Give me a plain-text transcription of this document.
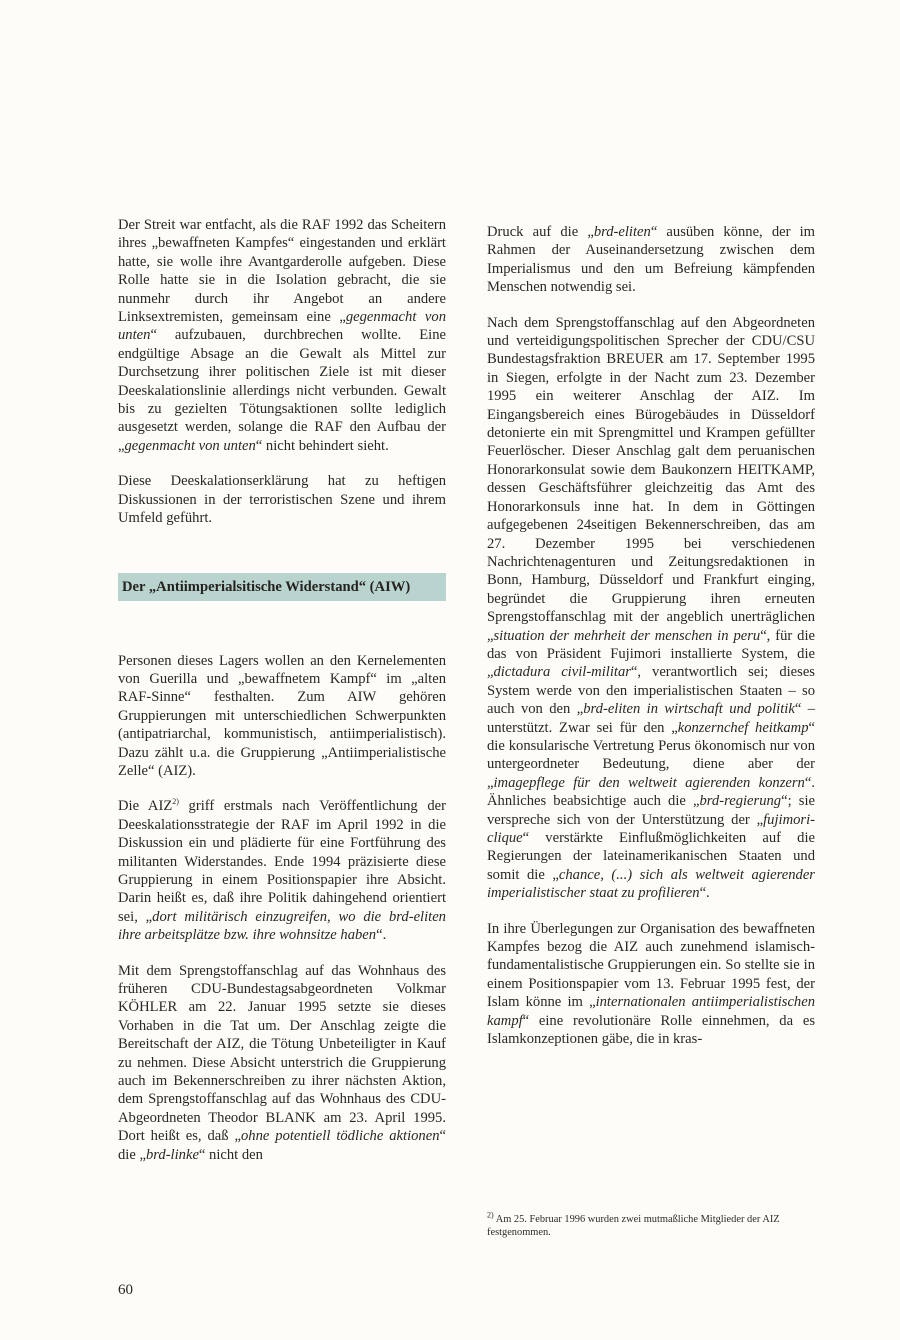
Der Streit war entfacht, als die RAF 1992 das Scheitern ihres „bewaffneten Kampfes“ eingestanden und erklärt hatte, sie wolle ihre Avantgarderolle aufgeben. Diese Rolle hatte sie in die Isolation gebracht, die sie nunmehr durch ihr Angebot an andere Linksextremisten, gemeinsam eine „gegenmacht von unten“ aufzubauen, durchbrechen wollte. Eine endgültige Absage an die Gewalt als Mittel zur Durchsetzung ihrer politischen Ziele ist mit dieser Deeskalationslinie allerdings nicht verbunden. Gewalt bis zu gezielten Tötungsaktionen sollte lediglich ausgesetzt werden, solange die RAF den Aufbau der „gegenmacht von unten“ nicht behindert sieht.

Diese Deeskalationserklärung hat zu heftigen Diskussionen in der terroristischen Szene und ihrem Umfeld geführt.

Der „Antiimperialsitische Widerstand“ (AIW)

Personen dieses Lagers wollen an den Kernelementen von Guerilla und „bewaffnetem Kampf“ im „alten RAF-Sinne“ festhalten. Zum AIW gehören Gruppierungen mit unterschiedlichen Schwerpunkten (antipatriarchal, kommunistisch, antiimperialistisch). Dazu zählt u.a. die Gruppierung „Antiimperialistische Zelle“ (AIZ).

Die AIZ$^{2)}$ griff erstmals nach Veröffentlichung der Deeskalationsstrategie der RAF im April 1992 in die Diskussion ein und plädierte für eine Fortführung des militanten Widerstandes. Ende 1994 präzisierte diese Gruppierung in einem Positionspapier ihre Absicht. Darin heißt es, daß ihre Politik dahingehend orientiert sei, „dort militärisch einzugreifen, wo die brd-eliten ihre arbeitsplätze bzw. ihre wohnsitze haben“.

Mit dem Sprengstoffanschlag auf das Wohnhaus des früheren CDU-Bundestagsabgeordneten Volkmar KÖHLER am 22. Januar 1995 setzte sie dieses Vorhaben in die Tat um. Der Anschlag zeigte die Bereitschaft der AIZ, die Tötung Unbeteiligter in Kauf zu nehmen. Diese Absicht unterstrich die Gruppierung auch im Bekennerschreiben zu ihrer nächsten Aktion, dem Sprengstoffanschlag auf das Wohnhaus des CDU-Abgeordneten Theodor BLANK am 23. April 1995. Dort heißt es, daß „ohne potentiell tödliche aktionen“ die „brd-linke“ nicht den

Druck auf die „brd-eliten“ ausüben könne, der im Rahmen der Auseinandersetzung zwischen dem Imperialismus und den um Befreiung kämpfenden Menschen notwendig sei.

Nach dem Sprengstoffanschlag auf den Abgeordneten und verteidigungspolitischen Sprecher der CDU/CSU Bundestagsfraktion BREUER am 17. September 1995 in Siegen, erfolgte in der Nacht zum 23. Dezember 1995 ein weiterer Anschlag der AIZ. Im Eingangsbereich eines Bürogebäudes in Düsseldorf detonierte ein mit Sprengmittel und Krampen gefüllter Feuerlöscher. Dieser Anschlag galt dem peruanischen Honorarkonsulat sowie dem Baukonzern HEITKAMP, dessen Geschäftsführer gleichzeitig das Amt des Honorarkonsuls inne hat. In dem in Göttingen aufgegebenen 24seitigen Bekennerschreiben, das am 27. Dezember 1995 bei verschiedenen Nachrichtenagenturen und Zeitungsredaktionen in Bonn, Hamburg, Düsseldorf und Frankfurt einging, begründet die Gruppierung ihren erneuten Sprengstoffanschlag mit der angeblich unerträglichen „situation der mehrheit der menschen in peru“, für die das von Präsident Fujimori installierte System, die „dictadura civil-militar“, verantwortlich sei; dieses System werde von den imperialistischen Staaten – so auch von den „brd-eliten in wirtschaft und politik“ – unterstützt. Zwar sei für den „konzernchef heitkamp“ die konsularische Vertretung Perus ökonomisch nur von untergeordneter Bedeutung, diene aber der „imagepflege für den weltweit agierenden konzern“. Ähnliches beabsichtige auch die „brd-regierung“; sie verspreche sich von der Unterstützung der „fujimori-clique“ verstärkte Einflußmöglichkeiten auf die Regierungen der lateinamerikanischen Staaten und somit die „chance, (...) sich als weltweit agierender imperialistischer staat zu profilieren“.

In ihre Überlegungen zur Organisation des bewaffneten Kampfes bezog die AIZ auch zunehmend islamisch-fundamentalistische Gruppierungen ein. So stellte sie in einem Positionspapier vom 13. Februar 1995 fest, der Islam könne im „internationalen antiimperialistischen kampf“ eine revolutionäre Rolle einnehmen, da es Islamkonzeptionen gäbe, die in kras-

$^{2)}$ Am 25. Februar 1996 wurden zwei mutmaßliche Mitglieder der AIZ festgenommen.
60
